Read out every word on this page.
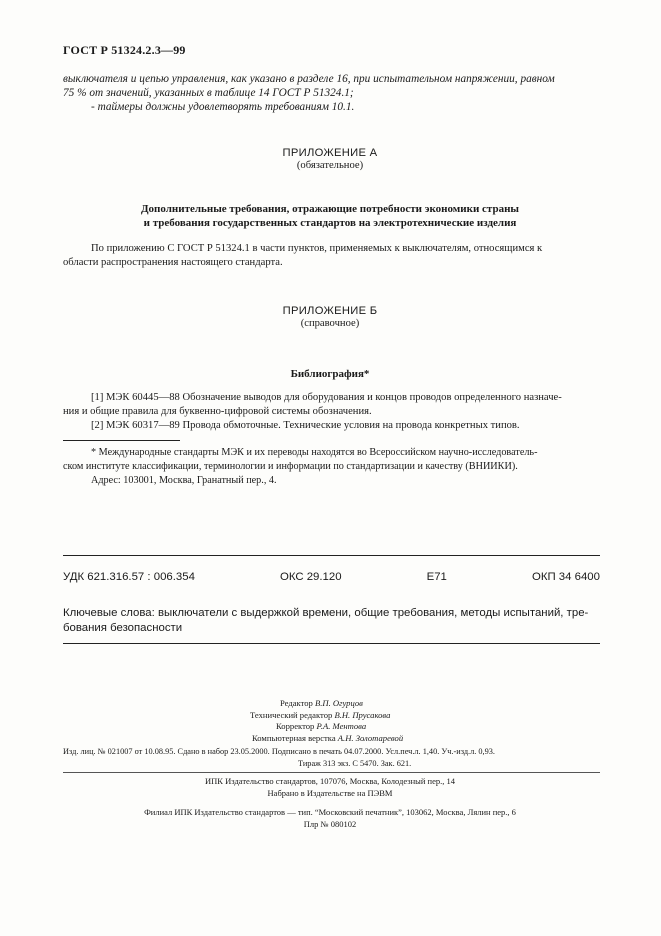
ГОСТ Р 51324.2.3—99
выключателя и цепью управления, как указано в разделе 16, при испытательном напряжении, равном
75 % от значений, указанных в таблице 14 ГОСТ Р 51324.1;
- таймеры должны удовлетворять требованиям 10.1.
ПРИЛОЖЕНИЕ А
(обязательное)
Дополнительные требования, отражающие потребности экономики страны
и требования государственных стандартов на электротехнические изделия
По приложению С ГОСТ Р 51324.1 в части пунктов, применяемых к выключателям, относящимся к
области распространения настоящего стандарта.
ПРИЛОЖЕНИЕ Б
(справочное)
Библиография*
[1] МЭК 60445—88 Обозначение выводов для оборудования и концов проводов определенного назначе-
ния и общие правила для буквенно-цифровой системы обозначения.
[2] МЭК 60317—89 Провода обмоточные. Технические условия на провода конкретных типов.
* Международные стандарты МЭК и их переводы находятся во Всероссийском научно-исследователь-
ском институте классификации, терминологии и информации по стандартизации и качеству (ВНИИКИ).
Адрес: 103001, Москва, Гранатный пер., 4.
УДК 621.316.57 : 006.354	ОКС 29.120	Е71	ОКП 34 6400
Ключевые слова: выключатели с выдержкой времени, общие требования, методы испытаний, тре-
бования безопасности
Редактор В.П. Огурцов
Технический редактор В.Н. Прусакова
Корректор Р.А. Ментова
Компьютерная верстка А.Н. Золотаревой
Изд. лиц. № 021007 от 10.08.95. Сдано в набор 23.05.2000. Подписано в печать 04.07.2000. Усл.печ.л. 1,40. Уч.-изд.л. 0,93.
Тираж 313 экз. С 5470. Зак. 621.
ИПК Издательство стандартов, 107076, Москва, Колодезный пер., 14
Набрано в Издательстве на ПЭВМ
Филиал ИПК Издательство стандартов — тип. “Московский печатник”, 103062, Москва, Лялин пер., 6
Плр № 080102
